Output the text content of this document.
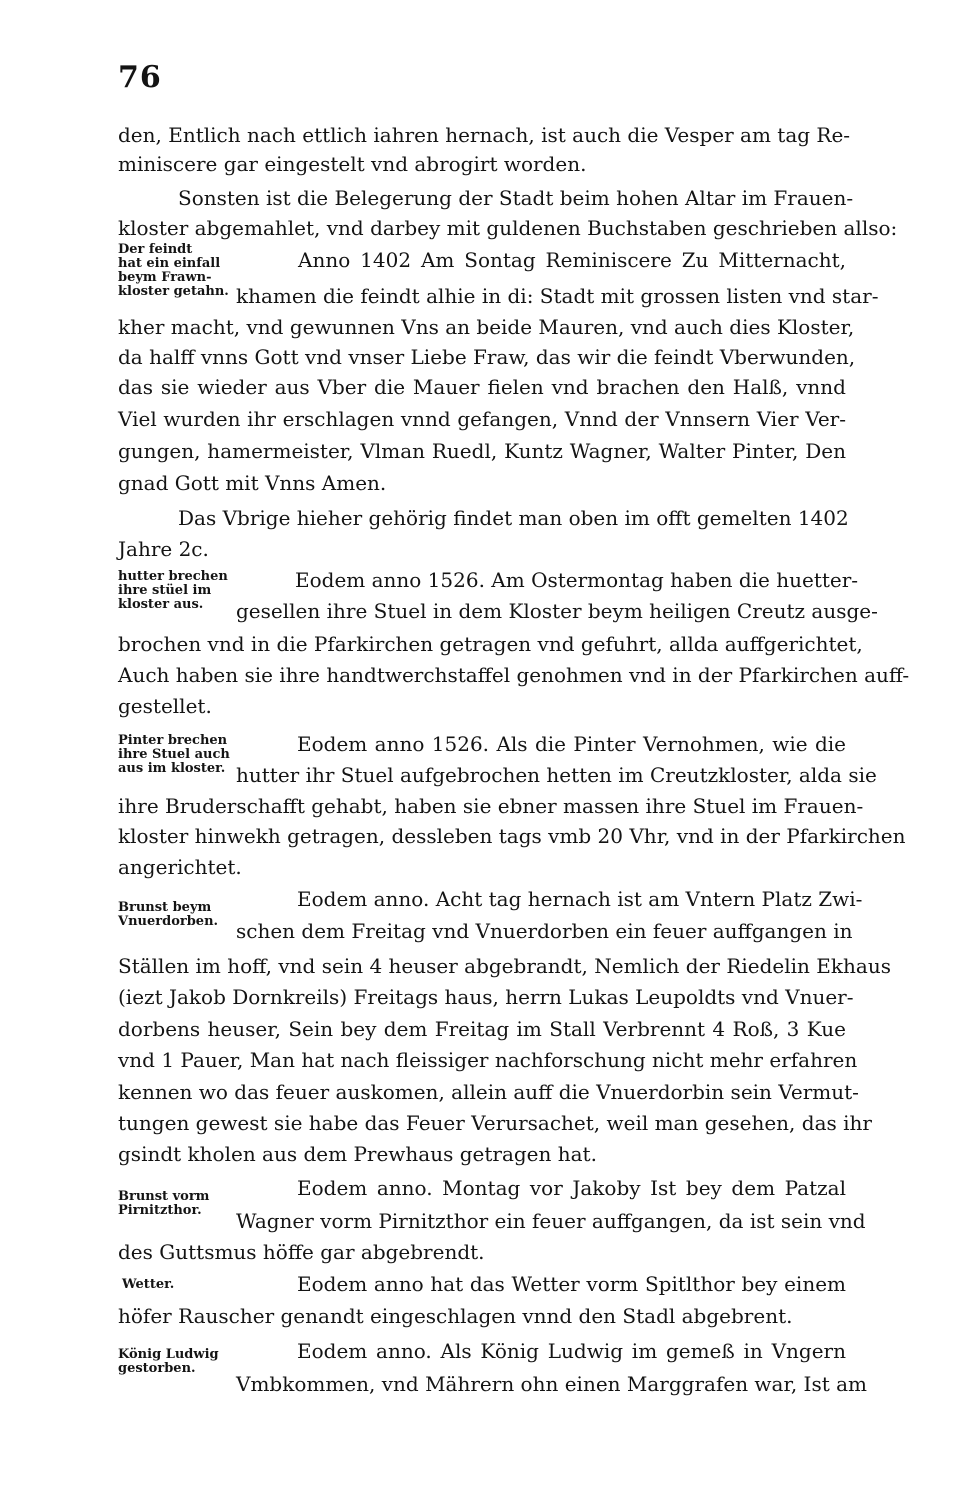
76
den, Entlich nach ettlich iahren hernach, ist auch die Vesper am tag Re-
miniscere gar eingestelt vnd abrogirt worden.
Sonsten ist die Belegerung der Stadt beim hohen Altar im Frauen-
kloster abgemahlet, vnd darbey mit guldenen Buchstaben geschrieben allso:
Anno 1402 Am Sontag Reminiscere Zu Mitternacht,
khamen die feindt alhie in di: Stadt mit grossen listen vnd star-
kher macht, vnd gewunnen Vns an beide Mauren, vnd auch dies Kloster,
da halff vnns Gott vnd vnser Liebe Fraw, das wir die feindt Vberwunden,
das sie wieder aus Vber die Mauer fielen vnd brachen den Halß, vnnd
Viel wurden ihr erschlagen vnnd gefangen, Vnnd der Vnnsern Vier Ver-
gungen, hamermeister, Vlman Ruedl, Kuntz Wagner, Walter Pinter, Den
gnad Gott mit Vnns Amen.
Das Vbrige hieher gehörig findet man oben im offt gemelten 1402
Jahre 2c.
Eodem anno 1526. Am Ostermontag haben die huetter-
gesellen ihre Stuel in dem Kloster beym heiligen Creutz ausge-
brochen vnd in die Pfarkirchen getragen vnd gefuhrt, allda auffgerichtet,
Auch haben sie ihre handtwerchstaffel genohmen vnd in der Pfarkirchen auff-
gestellet.
Eodem anno 1526. Als die Pinter Vernohmen, wie die
hutter ihr Stuel aufgebrochen hetten im Creutzkloster, alda sie
ihre Bruderschafft gehabt, haben sie ebner massen ihre Stuel im Frauen-
kloster hinwekh getragen, dessleben tags vmb 20 Vhr, vnd in der Pfarkirchen
angerichtet.
Eodem anno. Acht tag hernach ist am Vntern Platz Zwi-
schen dem Freitag vnd Vnuerdorben ein feuer auffgangen in
Ställen im hoff, vnd sein 4 heuser abgebrandt, Nemlich der Riedelin Ekhaus
(iezt Jakob Dornkreils) Freitags haus, herrn Lukas Leupoldts vnd Vnuer-
dorbens heuser, Sein bey dem Freitag im Stall Verbrennt 4 Roß, 3 Kue
vnd 1 Pauer, Man hat nach fleissiger nachforschung nicht mehr erfahren
kennen wo das feuer auskomen, allein auff die Vnuerdorbin sein Vermut-
tungen gewest sie habe das Feuer Verursachet, weil man gesehen, das ihr
gsindt kholen aus dem Prewhaus getragen hat.
Eodem anno. Montag vor Jakoby Ist bey dem Patzal
Wagner vorm Pirnitzthor ein feuer auffgangen, da ist sein vnd
des Guttsmus höffe gar abgebrendt.
Eodem anno hat das Wetter vorm Spitlthor bey einem
höfer Rauscher genandt eingeschlagen vnnd den Stadl abgebrent.
Eodem anno. Als König Ludwig im gemeß in Vngern
Vmbkommen, vnd Mährern ohn einen Marggrafen war, Ist am
Der feindt
hat ein einfall
beym Frawn-
kloster getahn.
hutter brechen
ihre stüel im
kloster aus.
Pinter brechen
ihre Stuel auch
aus im kloster.
Brunst beym
Vnuerdorben.
Brunst vorm
Pirnitzthor.
Wetter.
König Ludwig
gestorben.
